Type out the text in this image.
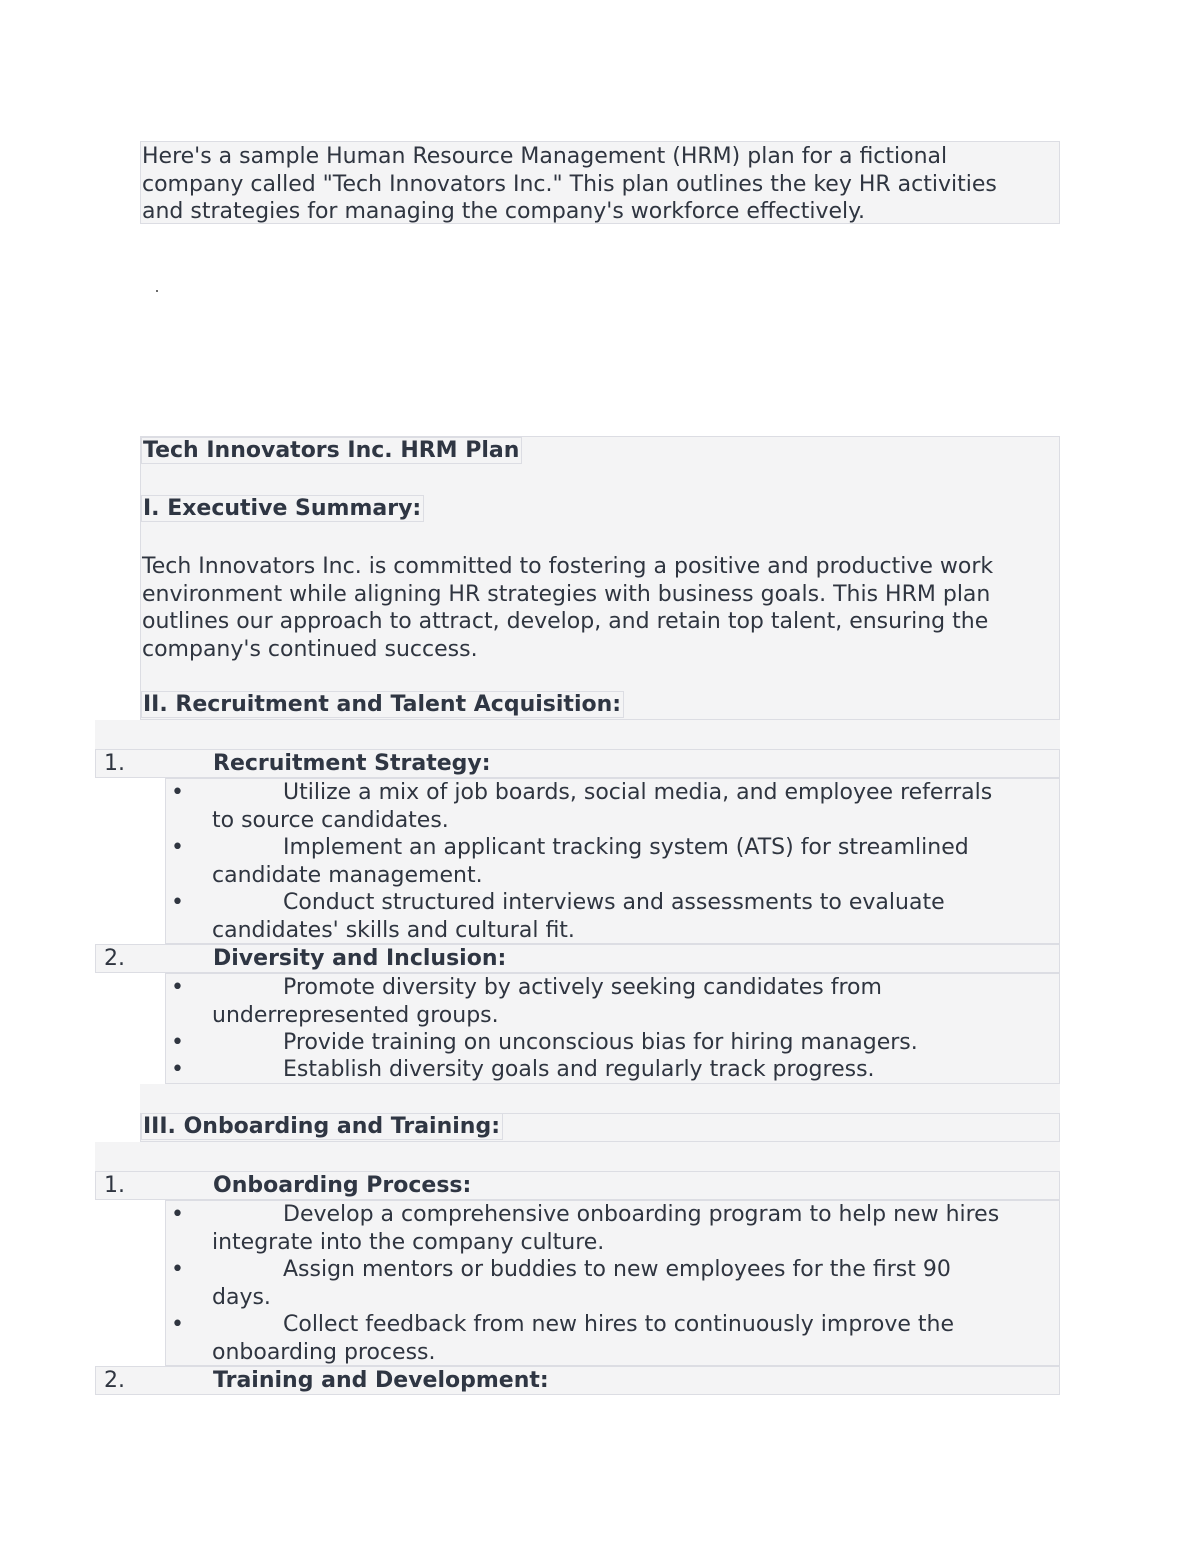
Here's a sample Human Resource Management (HRM) plan for a fictional
company called "Tech Innovators Inc." This plan outlines the key HR activities
and strategies for managing the company's workforce effectively.
Tech Innovators Inc. HRM Plan
I. Executive Summary:
Tech Innovators Inc. is committed to fostering a positive and productive work
environment while aligning HR strategies with business goals. This HRM plan
outlines our approach to attract, develop, and retain top talent, ensuring the
company's continued success.
II. Recruitment and Talent Acquisition:
1.	Recruitment Strategy:
•	Utilize a mix of job boards, social media, and employee referrals
to source candidates.
•	Implement an applicant tracking system (ATS) for streamlined
candidate management.
•	Conduct structured interviews and assessments to evaluate
candidates' skills and cultural fit.
2.	Diversity and Inclusion:
•	Promote diversity by actively seeking candidates from
underrepresented groups.
•	Provide training on unconscious bias for hiring managers.
•	Establish diversity goals and regularly track progress.
III. Onboarding and Training:
1.	Onboarding Process:
•	Develop a comprehensive onboarding program to help new hires
integrate into the company culture.
•	Assign mentors or buddies to new employees for the first 90
days.
•	Collect feedback from new hires to continuously improve the
onboarding process.
2.	Training and Development:
